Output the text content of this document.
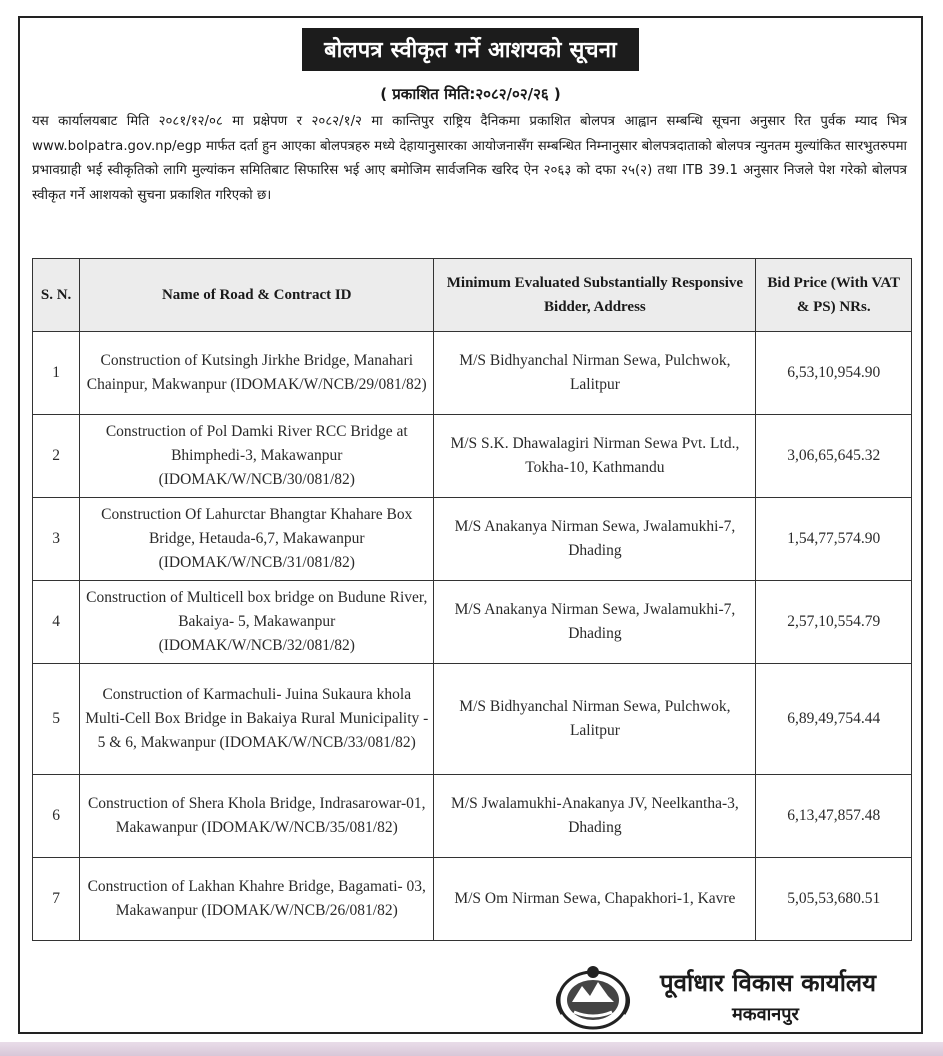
बोलपत्र स्वीकृत गर्ने आशयको सूचना
( प्रकाशित मिति:२०८२/०२/२६ )
यस कार्यालयबाट मिति २०८१/१२/०८ मा प्रक्षेपण र २०८२/१/२ मा कान्तिपुर राष्ट्रिय दैनिकमा प्रकाशित बोलपत्र आह्वान सम्बन्धि सूचना अनुसार रित पुर्वक म्याद भित्र www.bolpatra.gov.np/egp मार्फत दर्ता हुन आएका बोलपत्रहरु मध्ये देहायानुसारका आयोजनासँग सम्बन्धित निम्नानुसार बोलपत्रदाताको बोलपत्र न्युनतम मुल्यांकित सारभुतरुपमा प्रभावग्राही भई स्वीकृतिको लागि मुल्यांकन समितिबाट सिफारिस भई आए बमोजिम सार्वजनिक खरिद ऐन २०६३ को दफा २५(२) तथा ITB 39.1 अनुसार निजले पेश गरेको बोलपत्र स्वीकृत गर्ने आशयको सुचना प्रकाशित गरिएको छ।
S. N.	Name of Road & Contract ID	Minimum Evaluated Substantially Responsive Bidder, Address	Bid Price (With VAT & PS) NRs.
1	Construction of Kutsingh Jirkhe Bridge, Manahari Chainpur, Makwanpur (IDOMAK/W/NCB/29/081/82)	M/S Bidhyanchal Nirman Sewa, Pulchwok, Lalitpur	6,53,10,954.90
2	Construction of Pol Damki River RCC Bridge at Bhimphedi-3, Makawanpur (IDOMAK/W/NCB/30/081/82)	M/S S.K. Dhawalagiri Nirman Sewa Pvt. Ltd., Tokha-10, Kathmandu	3,06,65,645.32
3	Construction Of Lahurctar Bhangtar Khahare Box Bridge, Hetauda-6,7, Makawanpur (IDOMAK/W/NCB/31/081/82)	M/S Anakanya Nirman Sewa, Jwalamukhi-7, Dhading	1,54,77,574.90
4	Construction of Multicell box bridge on Budune River, Bakaiya- 5, Makawanpur (IDOMAK/W/NCB/32/081/82)	M/S Anakanya Nirman Sewa, Jwalamukhi-7, Dhading	2,57,10,554.79
5	Construction of Karmachuli- Juina Sukaura khola Multi-Cell Box Bridge in Bakaiya Rural Municipality - 5 & 6, Makwanpur (IDOMAK/W/NCB/33/081/82)	M/S Bidhyanchal Nirman Sewa, Pulchwok, Lalitpur	6,89,49,754.44
6	Construction of Shera Khola Bridge, Indrasarowar-01, Makawanpur (IDOMAK/W/NCB/35/081/82)	M/S Jwalamukhi-Anakanya JV, Neelkantha-3, Dhading	6,13,47,857.48
7	Construction of Lakhan Khahre Bridge, Bagamati- 03, Makawanpur (IDOMAK/W/NCB/26/081/82)	M/S Om Nirman Sewa, Chapakhori-1, Kavre	5,05,53,680.51
पूर्वाधार विकास कार्यालय
मकवानपुर
